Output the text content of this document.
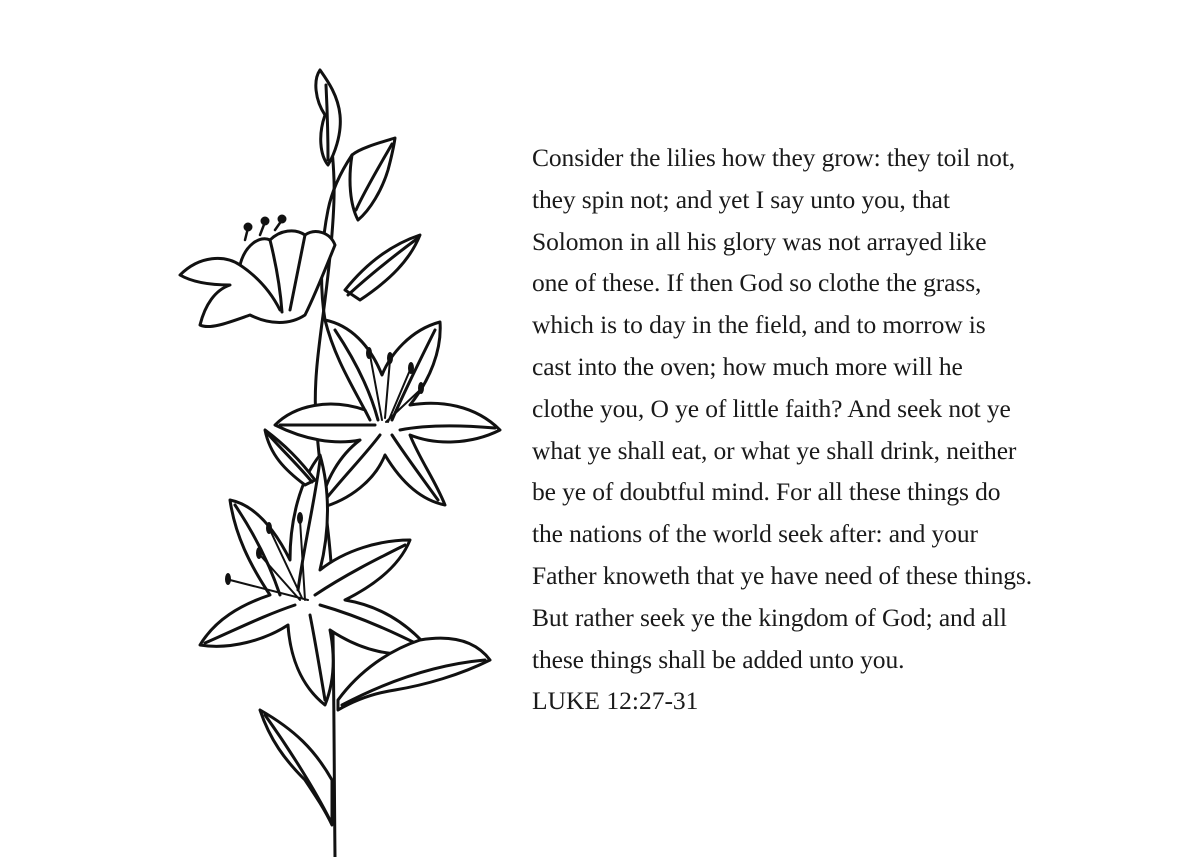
Consider the lilies how they grow: they toil not,
they spin not; and yet I say unto you, that
Solomon in all his glory was not arrayed like
one of these. If then God so clothe the grass,
which is to day in the field, and to morrow is
cast into the oven; how much more will he
clothe you, O ye of little faith? And seek not ye
what ye shall eat, or what ye shall drink, neither
be ye of doubtful mind. For all these things do
the nations of the world seek after: and your
Father knoweth that ye have need of these things.
But rather seek ye the kingdom of God; and all
these things shall be added unto you.
LUKE 12:27-31
